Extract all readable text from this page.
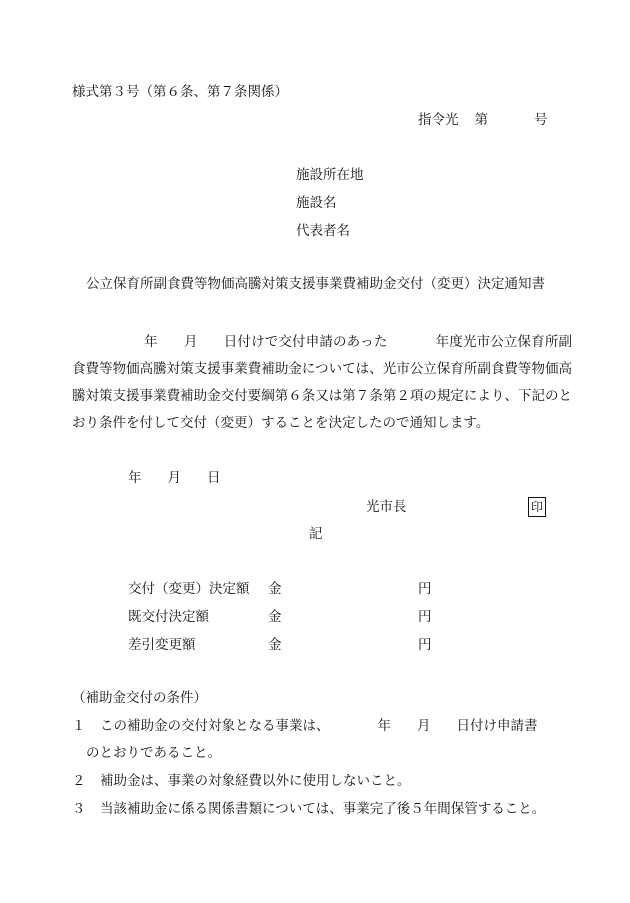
様式第３号（第６条、第７条関係）
指令光 第	号
施設所在地
施設名
代表者名
公立保育所副食費等物価高騰対策支援事業費補助金交付（変更）決定通知書
年 月 日付けで交付申請のあった	年度光市公立保育所副食費等物価高騰対策支援事業費補助金については、光市公立保育所副食費等物価高騰対策支援事業費補助金交付要綱第６条又は第７条第２項の規定により、下記のとおり条件を付して交付（変更）することを決定したので通知します。
年 月 日
光市長	印
記
交付（変更）決定額 金	円
既交付決定額	金	円
差引変更額	金	円
（補助金交付の条件）
１ この補助金の交付対象となる事業は、	年 月 日付け申請書
のとおりであること。
２ 補助金は、事業の対象経費以外に使用しないこと。
３ 当該補助金に係る関係書類については、事業完了後５年間保管すること。
